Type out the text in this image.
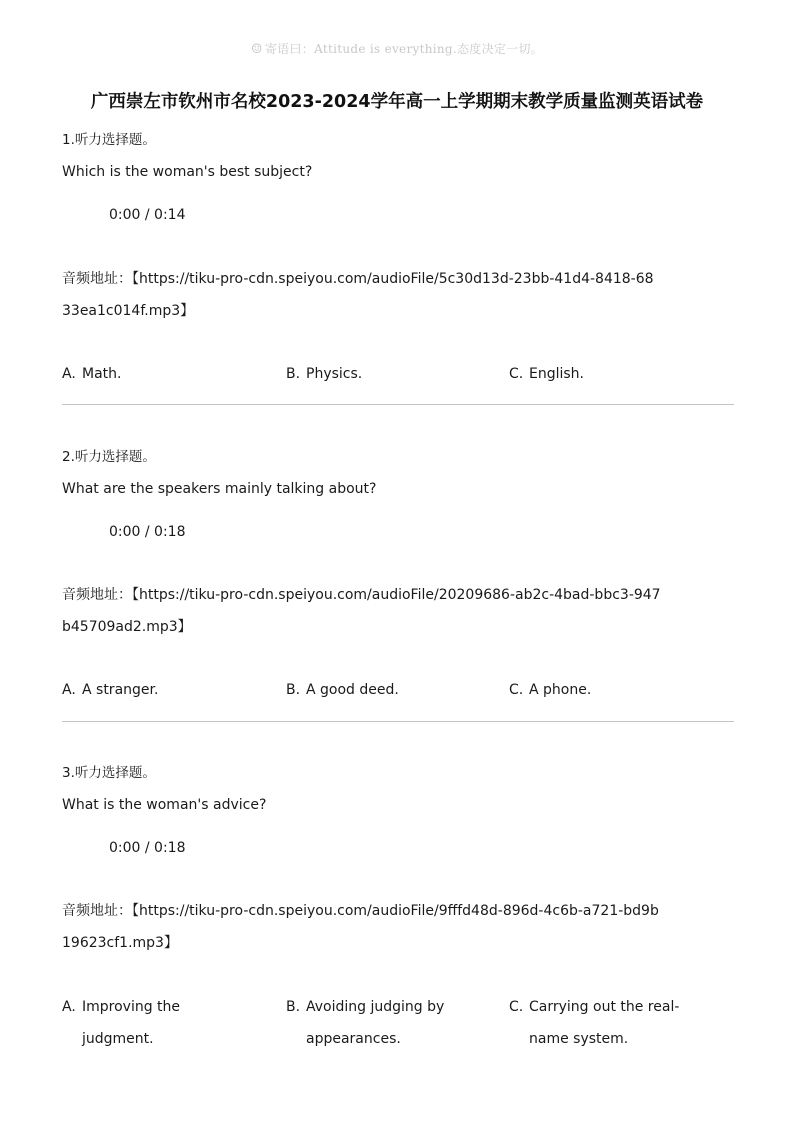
☺ 寄语曰：Attitude is everything.态度决定一切。
广西崇左市钦州市名校2023-2024学年高一上学期期末教学质量监测英语试卷
1.听力选择题。
Which is the woman's best subject?
0:00 / 0:14
音频地址：【https://tiku-pro-cdn.speiyou.com/audioFile/5c30d13d-23bb-41d4-8418-6833ea1c014f.mp3】
A. Math.	B. Physics.	C. English.
2.听力选择题。
What are the speakers mainly talking about?
0:00 / 0:18
音频地址：【https://tiku-pro-cdn.speiyou.com/audioFile/20209686-ab2c-4bad-bbc3-947b45709ad2.mp3】
A. A stranger.	B. A good deed.	C. A phone.
3.听力选择题。
What is the woman's advice?
0:00 / 0:18
音频地址：【https://tiku-pro-cdn.speiyou.com/audioFile/9fffd48d-896d-4c6b-a721-bd9b19623cf1.mp3】
A. Improving the judgment.
B. Avoiding judging by appearances.
C. Carrying out the real-name system.
